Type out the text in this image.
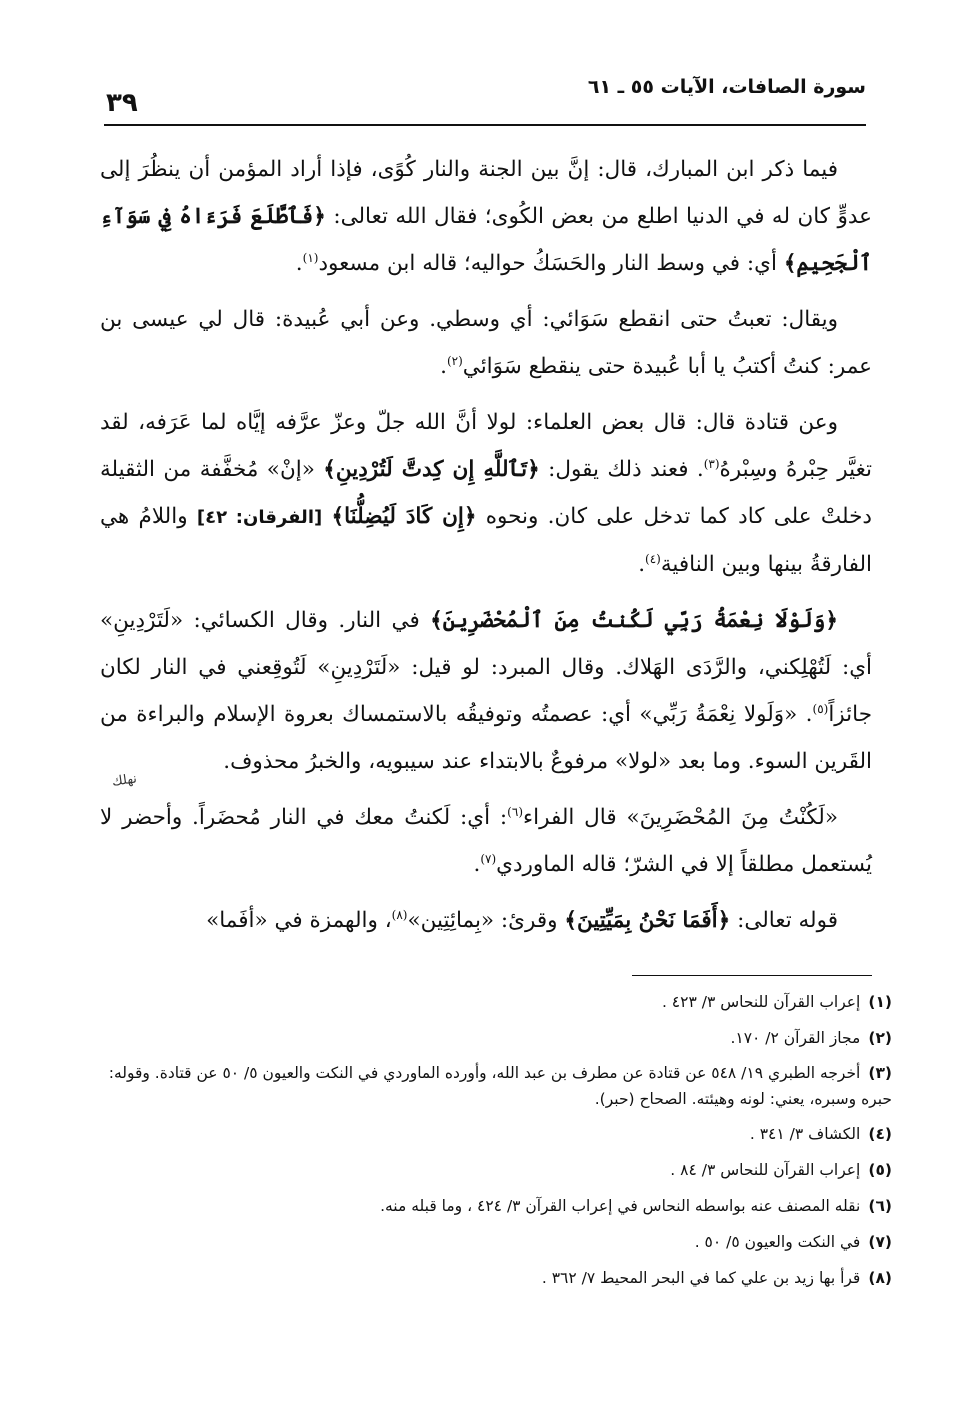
سورة الصافات، الآيات ٥٥ ـ ٦١
٣٩

فيما ذكر ابن المبارك، قال: إنَّ بين الجنة والنار كُوًى، فإذا أراد المؤمن أن ينظُرَ إلى عدوٍّ كان له في الدنيا اطلع من بعض الكُوى؛ فقال الله تعالى: ﴿فَٱطَّلَعَ فَرَءَاهُ فِي سَوَآءِ ٱلْجَحِيمِ﴾ أي: في وسط النار والحَسَكُ حواليه؛ قاله ابن مسعود$^{(١)}$.

ويقال: تعبتُ حتى انقطع سَوَائي: أي وسطي. وعن أبي عُبيدة: قال لي عيسى بن عمر: كنتُ أكتبُ يا أبا عُبيدة حتى ينقطع سَوَائي$^{(٢)}$.

وعن قتادة قال: قال بعض العلماء: لولا أنَّ الله جلّ وعزّ عرَّفه إيَّاه لما عَرَفه، لقد تغيَّر حِبْرهُ وسِبْرهُ$^{(٣)}$. فعند ذلك يقول: ﴿تَٱللَّهِ إِن كِدتَّ لَتُرْدِينِ﴾ «إنْ» مُخفَّفة من الثقيلة دخلتْ على كاد كما تدخل على كان. ونحوه ﴿إِن كَادَ لَيُضِلُّنَا﴾ [الفرقان: ٤٢] واللامُ هي الفارقةُ بينها وبين النافية$^{(٤)}$.

﴿وَلَوْلَا نِعْمَةُ رَبِّي لَكُنتُ مِنَ ٱلْمُحْضَرِينَ﴾ في النار. وقال الكسائي: «لَتَرْدِينِ» أي: لَتُهْلِكني، والرَّدَى الهَلاك. وقال المبرد: لو قيل: «لَتَرْدِينِ» لَتُوقِعني في النار لكان جائزاً$^{(٥)}$. «وَلَولا نِعْمَةُ رَبِّي» أي: عصمتُه وتوفيقُه بالاستمساك بعروة الإسلام والبراءة من القَرين السوء. وما بعد «لولا» مرفوعٌ بالابتداء عند سيبويه، والخبرُ محذوف.

«لَكُنْتُ مِنَ المُحْضَرِينَ» قال الفراء$^{(٦)}$: أي: لَكنتُ معك في النار مُحضَراً. وأحضر لا يُستعمل مطلقاً إلا في الشرّ؛ قاله الماوردي$^{(٧)}$.

قوله تعالى: ﴿أَفَمَا نَحْنُ بِمَيِّتِينَ﴾ وقرئ: «بِمائِتِين»$^{(٨)}$، والهمزة في «أفَما»

نهلك

(١)إعراب القرآن للنحاس ٣/ ٤٢٣ .

(٢)مجاز القرآن ٢/ ١٧٠.

(٣)أخرجه الطبري ١٩/ ٥٤٨ عن قتادة عن مطرف بن عبد الله، وأورده الماوردي في النكت والعيون ٥/ ٥٠ عن قتادة. وقوله: حبره وسبره، يعني: لونه وهيئته. الصحاح (حبر).

(٤)الكشاف ٣/ ٣٤١ .

(٥)إعراب القرآن للنحاس ٣/ ٨٤ .

(٦)نقله المصنف عنه بواسطه النحاس في إعراب القرآن ٣/ ٤٢٤ ، وما قبله منه.

(٧)في النكت والعيون ٥/ ٥٠ .

(٨)قرأ بها زيد بن علي كما في البحر المحيط ٧/ ٣٦٢ .
